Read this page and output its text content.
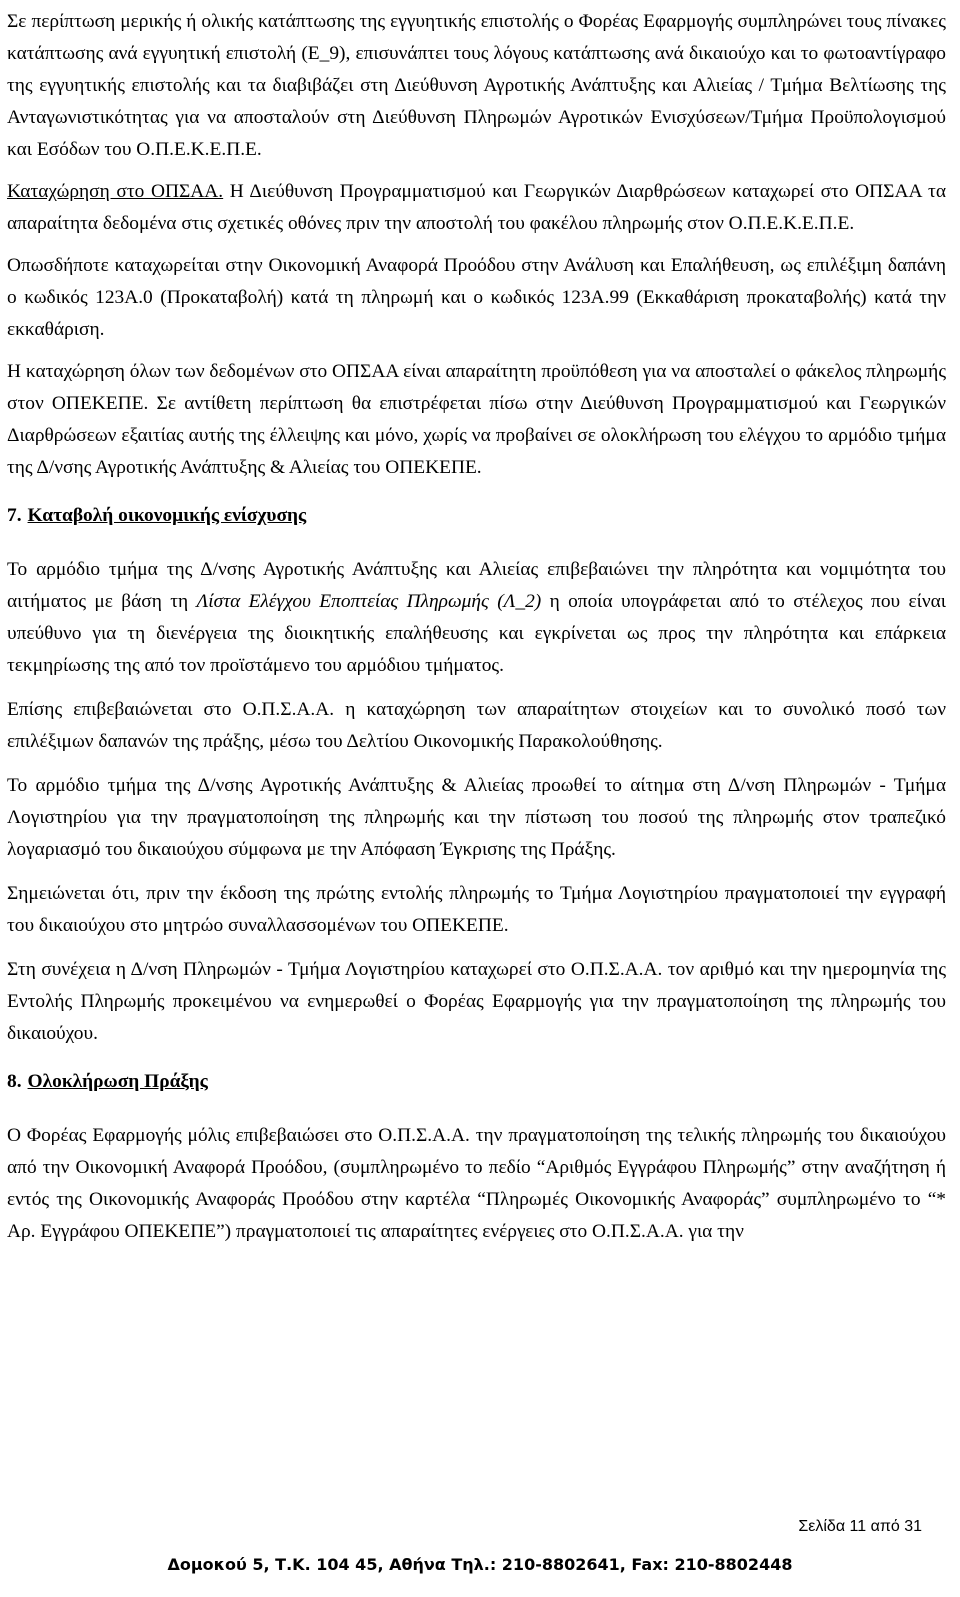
Σε περίπτωση μερικής ή ολικής κατάπτωσης της εγγυητικής επιστολής ο Φορέας Εφαρμογής συμπληρώνει τους πίνακες κατάπτωσης ανά εγγυητική επιστολή (Ε_9), επισυνάπτει τους λόγους κατάπτωσης ανά δικαιούχο και το φωτοαντίγραφο της εγγυητικής επιστολής και τα διαβιβάζει στη Διεύθυνση Αγροτικής Ανάπτυξης και Αλιείας / Τμήμα Βελτίωσης της Ανταγωνιστικότητας για να αποσταλούν στη Διεύθυνση Πληρωμών Αγροτικών Ενισχύσεων/Τμήμα Προϋπολογισμού και Εσόδων του Ο.Π.Ε.Κ.Ε.Π.Ε.

Καταχώρηση στο ΟΠΣΑΑ. Η Διεύθυνση Προγραμματισμού και Γεωργικών Διαρθρώσεων καταχωρεί στο ΟΠΣΑΑ τα απαραίτητα δεδομένα στις σχετικές οθόνες πριν την αποστολή του φακέλου πληρωμής στον Ο.Π.Ε.Κ.Ε.Π.Ε.

Οπωσδήποτε καταχωρείται στην Οικονομική Αναφορά Προόδου στην Ανάλυση και Επαλήθευση, ως επιλέξιμη δαπάνη ο κωδικός 123Α.0 (Προκαταβολή) κατά τη πληρωμή και ο κωδικός 123Α.99 (Εκκαθάριση προκαταβολής) κατά την εκκαθάριση.

Η καταχώρηση όλων των δεδομένων στο ΟΠΣΑΑ είναι απαραίτητη προϋπόθεση για να αποσταλεί ο φάκελος πληρωμής στον ΟΠΕΚΕΠΕ. Σε αντίθετη περίπτωση θα επιστρέφεται πίσω στην Διεύθυνση Προγραμματισμού και Γεωργικών Διαρθρώσεων εξαιτίας αυτής της έλλειψης και μόνο, χωρίς να προβαίνει σε ολοκλήρωση του ελέγχου το αρμόδιο τμήμα της Δ/νσης Αγροτικής Ανάπτυξης & Αλιείας του ΟΠΕΚΕΠΕ.

7. Καταβολή οικονομικής ενίσχυσης

Το αρμόδιο τμήμα της Δ/νσης Αγροτικής Ανάπτυξης και Αλιείας επιβεβαιώνει την πληρότητα και νομιμότητα του αιτήματος με βάση τη Λίστα Ελέγχου Εποπτείας Πληρωμής (Λ_2) η οποία υπογράφεται από το στέλεχος που είναι υπεύθυνο για τη διενέργεια της διοικητικής επαλήθευσης και εγκρίνεται ως προς την πληρότητα και επάρκεια τεκμηρίωσης της από τον προϊστάμενο του αρμόδιου τμήματος.

Επίσης επιβεβαιώνεται στο Ο.Π.Σ.Α.Α. η καταχώρηση των απαραίτητων στοιχείων και το συνολικό ποσό των επιλέξιμων δαπανών της πράξης, μέσω του Δελτίου Οικονομικής Παρακολούθησης.

Το αρμόδιο τμήμα της Δ/νσης Αγροτικής Ανάπτυξης & Αλιείας προωθεί το αίτημα στη Δ/νση Πληρωμών - Τμήμα Λογιστηρίου για την πραγματοποίηση της πληρωμής και την πίστωση του ποσού της πληρωμής στον τραπεζικό λογαριασμό του δικαιούχου σύμφωνα με την Απόφαση Έγκρισης της Πράξης.

Σημειώνεται ότι, πριν την έκδοση της πρώτης εντολής πληρωμής το Τμήμα Λογιστηρίου πραγματοποιεί την εγγραφή του δικαιούχου στο μητρώο συναλλασσομένων του ΟΠΕΚΕΠΕ.

Στη συνέχεια η Δ/νση Πληρωμών - Τμήμα Λογιστηρίου καταχωρεί στο Ο.Π.Σ.Α.Α. τον αριθμό και την ημερομηνία της Εντολής Πληρωμής προκειμένου να ενημερωθεί ο Φορέας Εφαρμογής για την πραγματοποίηση της πληρωμής του δικαιούχου.

8. Ολοκλήρωση Πράξης

Ο Φορέας Εφαρμογής μόλις επιβεβαιώσει στο Ο.Π.Σ.Α.Α. την πραγματοποίηση της τελικής πληρωμής του δικαιούχου από την Οικονομική Αναφορά Προόδου, (συμπληρωμένο το πεδίο “Αριθμός Εγγράφου Πληρωμής” στην αναζήτηση ή εντός της Οικονομικής Αναφοράς Προόδου στην καρτέλα “Πληρωμές Οικονομικής Αναφοράς” συμπληρωμένο το “* Αρ. Εγγράφου ΟΠΕΚΕΠΕ”) πραγματοποιεί τις απαραίτητες ενέργειες στο Ο.Π.Σ.Α.Α. για την

Σελίδα 11 από 31
Δομοκού 5, Τ.Κ. 104 45, Αθήνα Τηλ.: 210-8802641, Fax: 210-8802448
